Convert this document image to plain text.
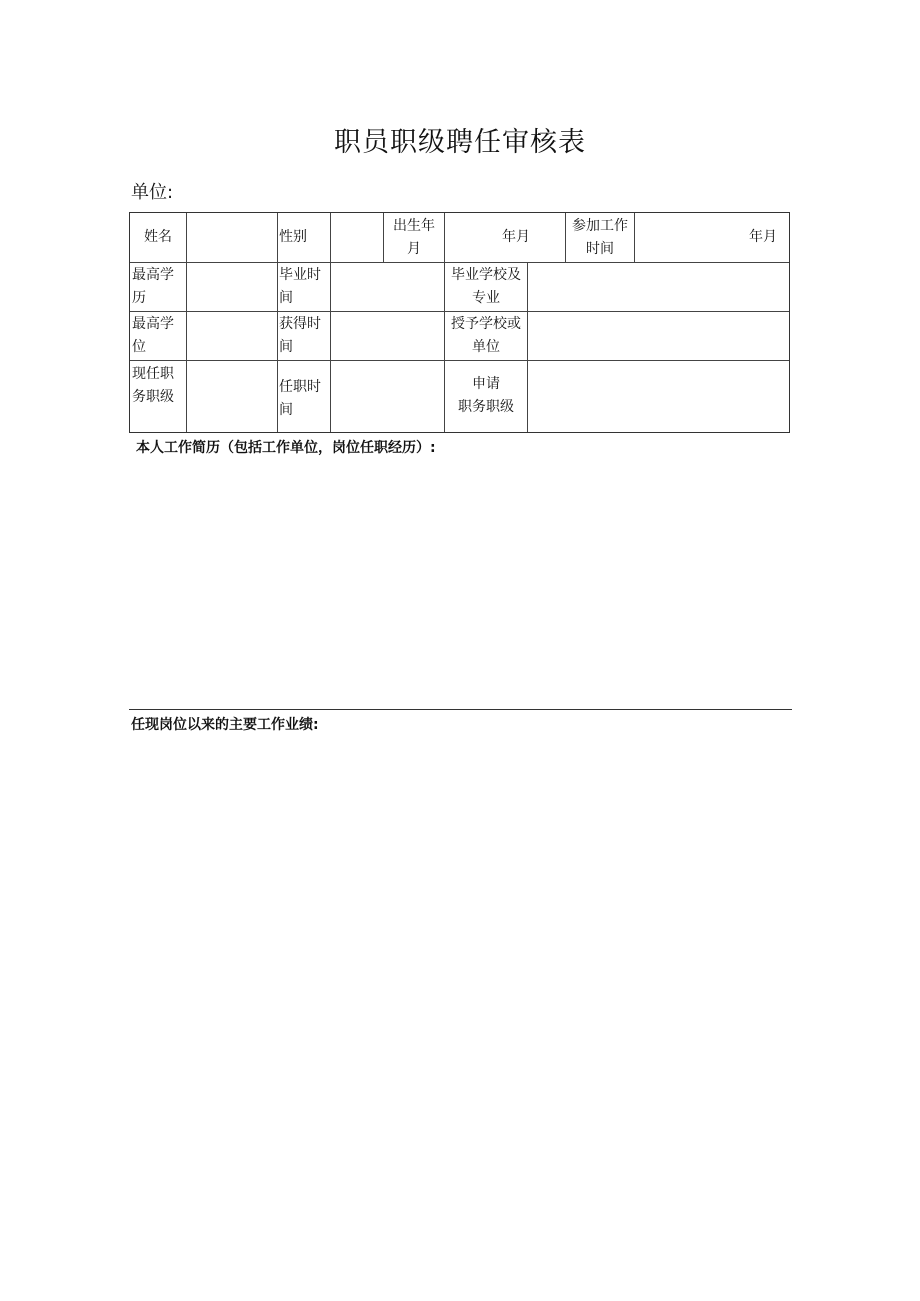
职员职级聘任审核表
单位:
姓名	性别
出生年
月
年月
参加工作
时间
年月
最高学
历
毕业时
间
毕业学校及
专业
最高学
位
获得时
间
授予学校或
单位
现任职
务职级
任职时
间
申请
职务职级
本人工作简历（包括工作单位，岗位任职经历）:
任现岗位以来的主要工作业绩:
